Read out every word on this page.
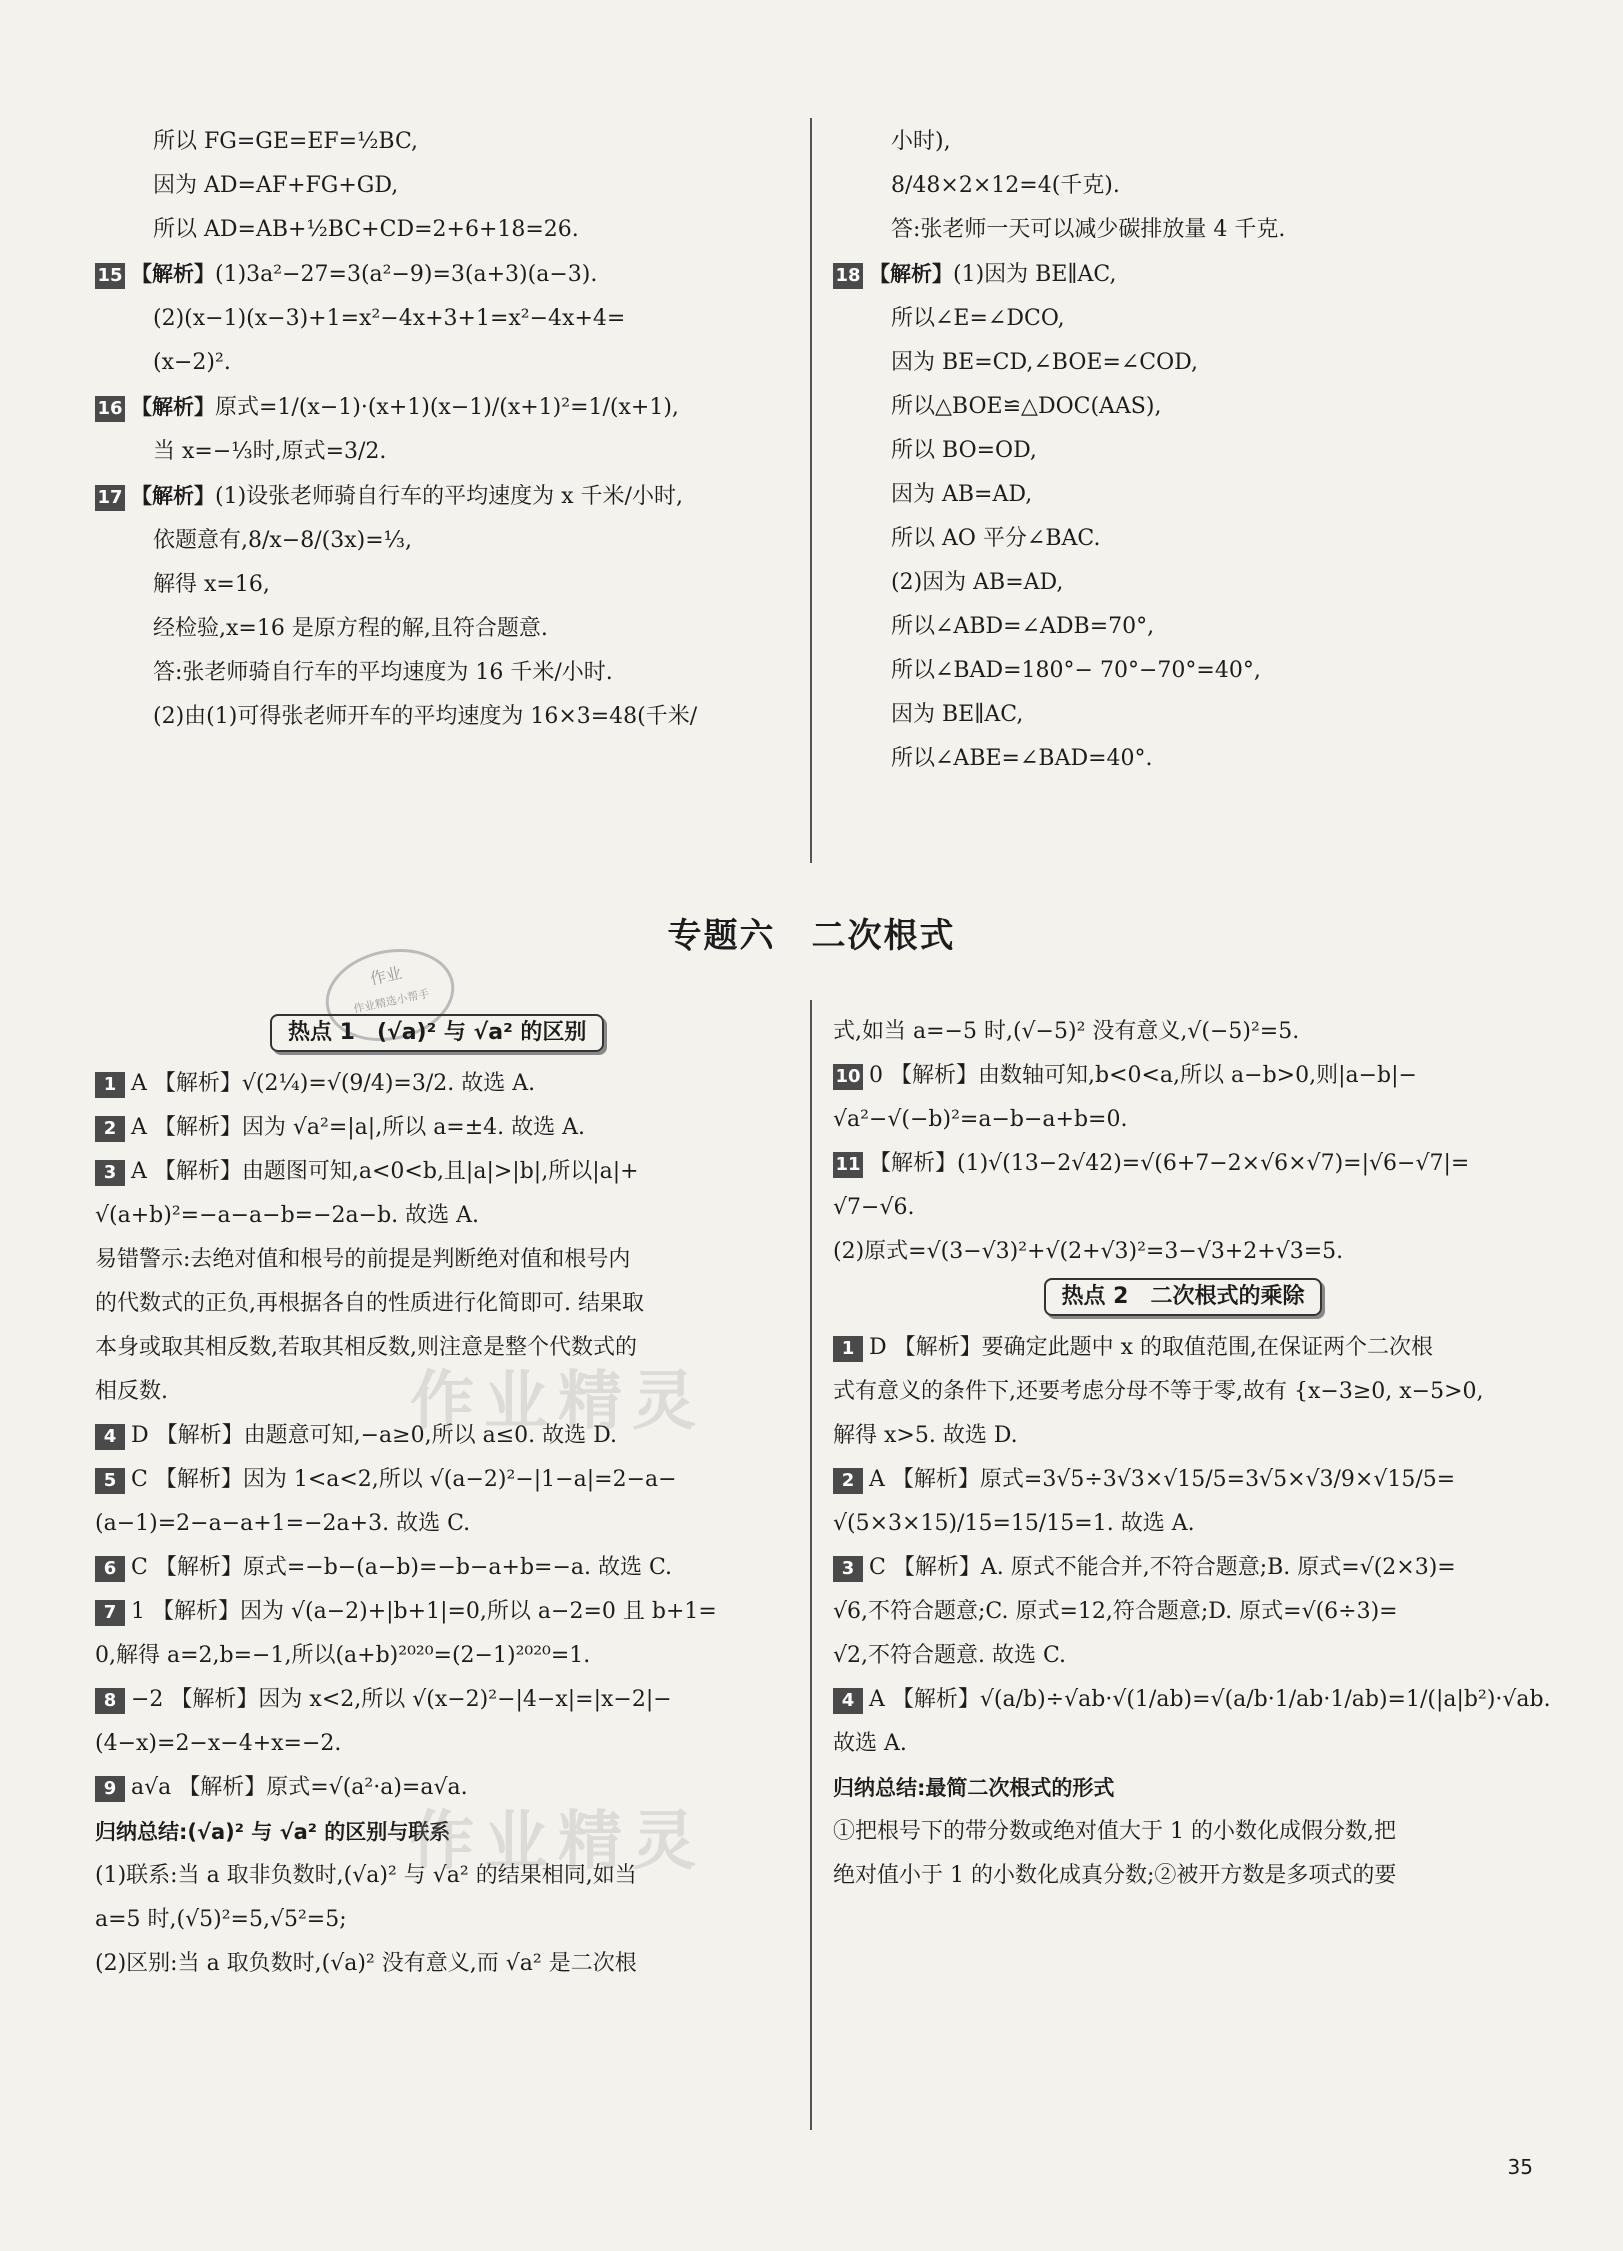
所以 FG=GE=EF=½BC,
因为 AD=AF+FG+GD,
所以 AD=AB+½BC+CD=2+6+18=26.
15 【解析】 (1)3a²−27=3(a²−9)=3(a+3)(a−3).
(2)(x−1)(x−3)+1=x²−4x+3+1=x²−4x+4=
(x−2)².
16 【解析】 原式=1/(x−1)·(x+1)(x−1)/(x+1)²=1/(x+1),
当 x=−⅓时,原式=3/2.
17 【解析】 (1)设张老师骑自行车的平均速度为 x 千米/小时,
依题意有,8/x−8/(3x)=⅓,
解得 x=16,
经检验,x=16 是原方程的解,且符合题意.
答:张老师骑自行车的平均速度为 16 千米/小时.
(2)由(1)可得张老师开车的平均速度为 16×3=48(千米/
小时),
8/48×2×12=4(千克).
答:张老师一天可以减少碳排放量 4 千克.
18 【解析】 (1)因为 BE∥AC,
所以∠E=∠DCO,
因为 BE=CD,∠BOE=∠COD,
所以△BOE≌△DOC(AAS),
所以 BO=OD,
因为 AB=AD,
所以 AO 平分∠BAC.
(2)因为 AB=AD,
所以∠ABD=∠ADB=70°,
所以∠BAD=180°− 70°−70°=40°,
因为 BE∥AC,
所以∠ABE=∠BAD=40°.
专题六　二次根式
作业
作业精选小帮手
热点 1　(√a)² 与 √a² 的区别
1 A 【解析】√(2¼)=√(9/4)=3/2. 故选 A.
2 A 【解析】因为 √a²=|a|,所以 a=±4. 故选 A.
3 A 【解析】由题图可知,a<0<b,且|a|>|b|,所以|a|+
√(a+b)²=−a−a−b=−2a−b. 故选 A.
易错警示:去绝对值和根号的前提是判断绝对值和根号内
的代数式的正负,再根据各自的性质进行化简即可. 结果取
本身或取其相反数,若取其相反数,则注意是整个代数式的
相反数.
4 D 【解析】由题意可知,−a≥0,所以 a≤0. 故选 D.
5 C 【解析】因为 1<a<2,所以 √(a−2)²−|1−a|=2−a−
(a−1)=2−a−a+1=−2a+3. 故选 C.
6 C 【解析】原式=−b−(a−b)=−b−a+b=−a. 故选 C.
7 1 【解析】因为 √(a−2)+|b+1|=0,所以 a−2=0 且 b+1=
0,解得 a=2,b=−1,所以(a+b)²⁰²⁰=(2−1)²⁰²⁰=1.
8 −2 【解析】因为 x<2,所以 √(x−2)²−|4−x|=|x−2|−
(4−x)=2−x−4+x=−2.
9 a√a 【解析】原式=√(a²·a)=a√a.
归纳总结:(√a)² 与 √a² 的区别与联系
(1)联系:当 a 取非负数时,(√a)² 与 √a² 的结果相同,如当
a=5 时,(√5)²=5,√5²=5;
(2)区别:当 a 取负数时,(√a)² 没有意义,而 √a² 是二次根
式,如当 a=−5 时,(√−5)² 没有意义,√(−5)²=5.
10 0 【解析】由数轴可知,b<0<a,所以 a−b>0,则|a−b|−
√a²−√(−b)²=a−b−a+b=0.
11 【解析】(1)√(13−2√42)=√(6+7−2×√6×√7)=|√6−√7|=
√7−√6.
(2)原式=√(3−√3)²+√(2+√3)²=3−√3+2+√3=5.
热点 2　二次根式的乘除
1 D 【解析】要确定此题中 x 的取值范围,在保证两个二次根
式有意义的条件下,还要考虑分母不等于零,故有 {x−3≥0, x−5>0,
解得 x>5. 故选 D.
2 A 【解析】原式=3√5÷3√3×√15/5=3√5×√3/9×√15/5=
√(5×3×15)/15=15/15=1. 故选 A.
3 C 【解析】A. 原式不能合并,不符合题意;B. 原式=√(2×3)=
√6,不符合题意;C. 原式=12,符合题意;D. 原式=√(6÷3)=
√2,不符合题意. 故选 C.
4 A 【解析】√(a/b)÷√ab·√(1/ab)=√(a/b·1/ab·1/ab)=1/(|a|b²)·√ab.
故选 A.
归纳总结:最简二次根式的形式
①把根号下的带分数或绝对值大于 1 的小数化成假分数,把
绝对值小于 1 的小数化成真分数;②被开方数是多项式的要
作业精灵
作业精灵
35
